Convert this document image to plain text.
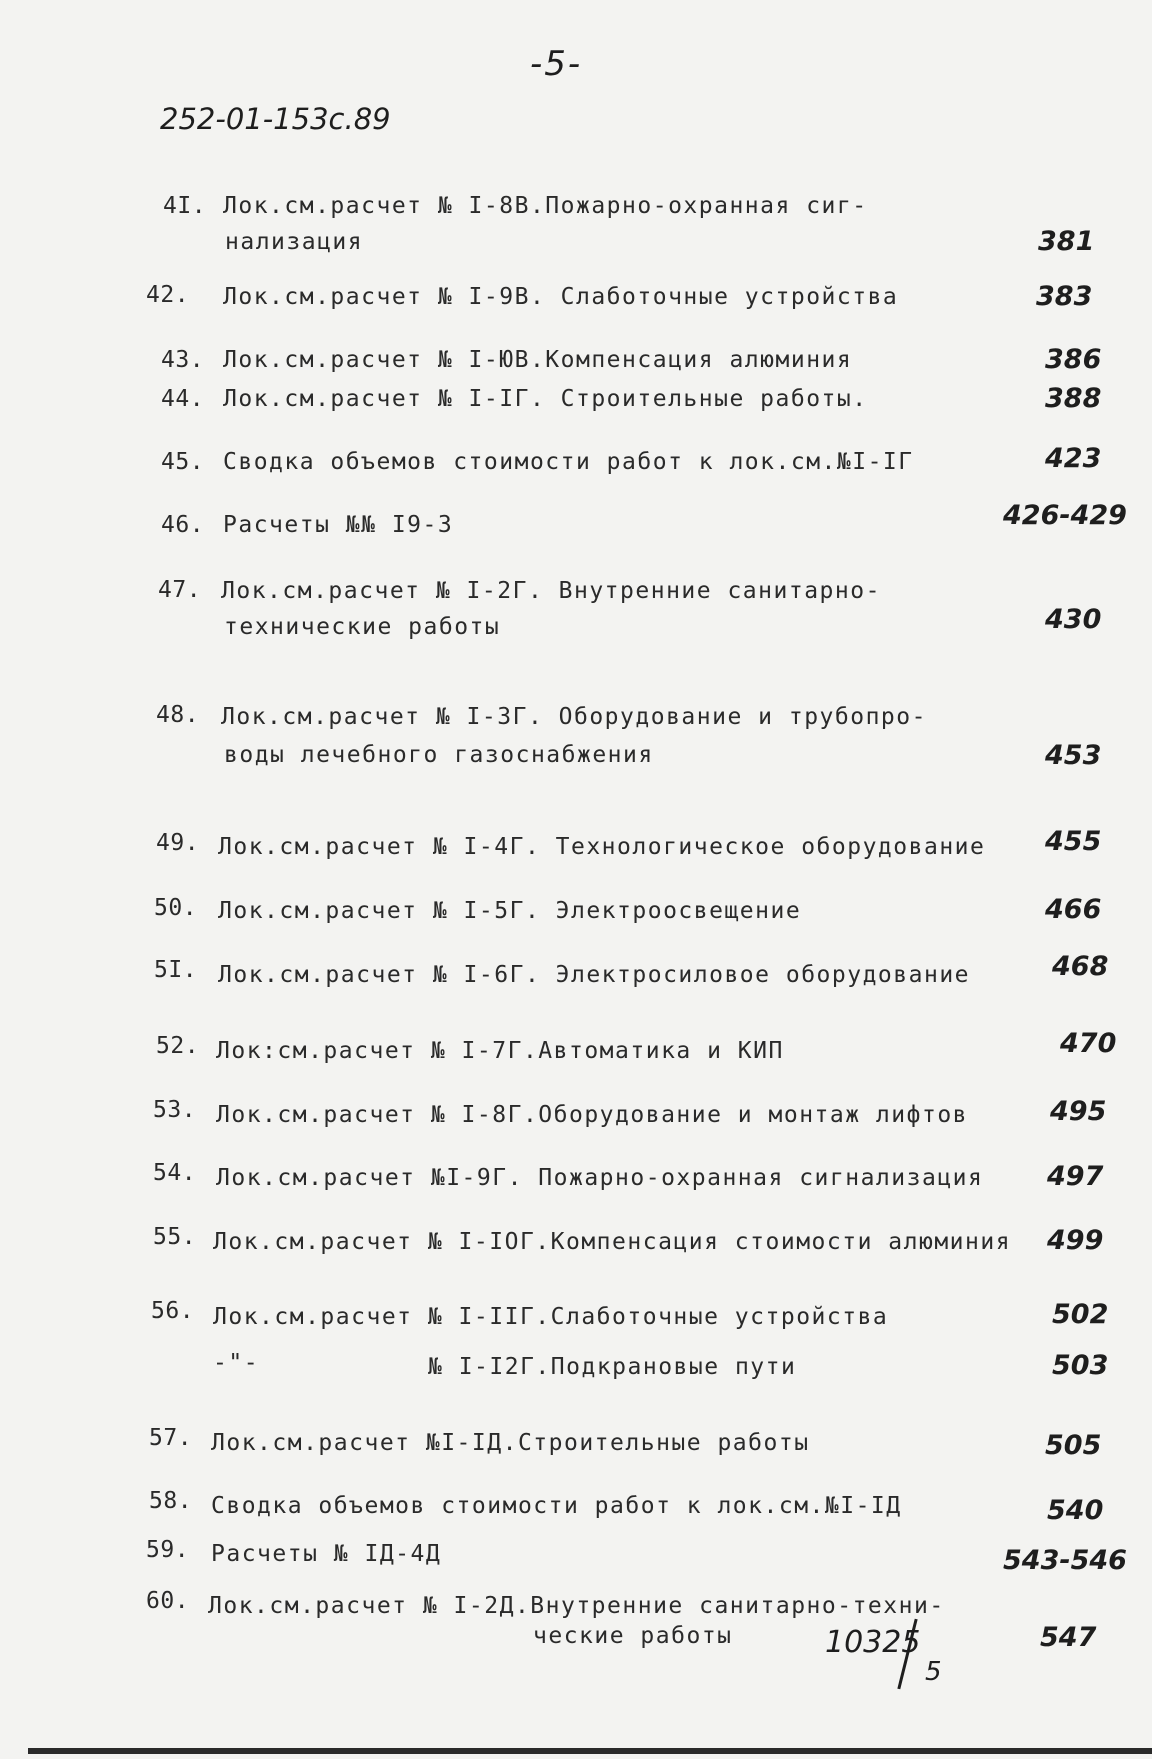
-5-
252-01-153с.89
4I. Лок.см.расчет № I-8В.Пожарно-охранная сиг-
нализация	381
42. Лок.см.расчет № I-9В. Слаботочные устройства	383
43. Лок.см.расчет № I-ЮВ.Компенсация алюминия	386
44. Лок.см.расчет № I-IГ. Строительные работы.	388
45. Сводка объемов стоимости работ к лок.см.№I-IГ	423
46. Расчеты №№ I9-3	426-429
47. Лок.см.расчет № I-2Г. Внутренние санитарно-
технические работы	430
48. Лок.см.расчет № I-3Г. Оборудование и трубопро-
воды лечебного газоснабжения	453
49. Лок.см.расчет № I-4Г. Технологическое оборудование 455
50. Лок.см.расчет № I-5Г. Электроосвещение	466
5I. Лок.см.расчет № I-6Г. Электросиловое оборудование	468
52. Лок:см.расчет № I-7Г.Автоматика и КИП	470
53. Лок.см.расчет № I-8Г.Оборудование и монтаж лифтов	495
54. Лок.см.расчет №I-9Г. Пожарно-охранная сигнализация 497
55. Лок.см.расчет № I-IОГ.Компенсация стоимости алюминия 499
56. Лок.см.расчет № I-IIГ.Слаботочные устройства	502
-"-	№ I-I2Г.Подкрановые пути	503
57. Лок.см.расчет №I-IД.Строительные работы	505
58. Сводка объемов стоимости работ к лок.см.№I-IД	540
59. Расчеты № IД-4Д	543-546
60. Лок.см.расчет № I-2Д.Внутренние санитарно-техни-
ческие работы	547
10325
5
